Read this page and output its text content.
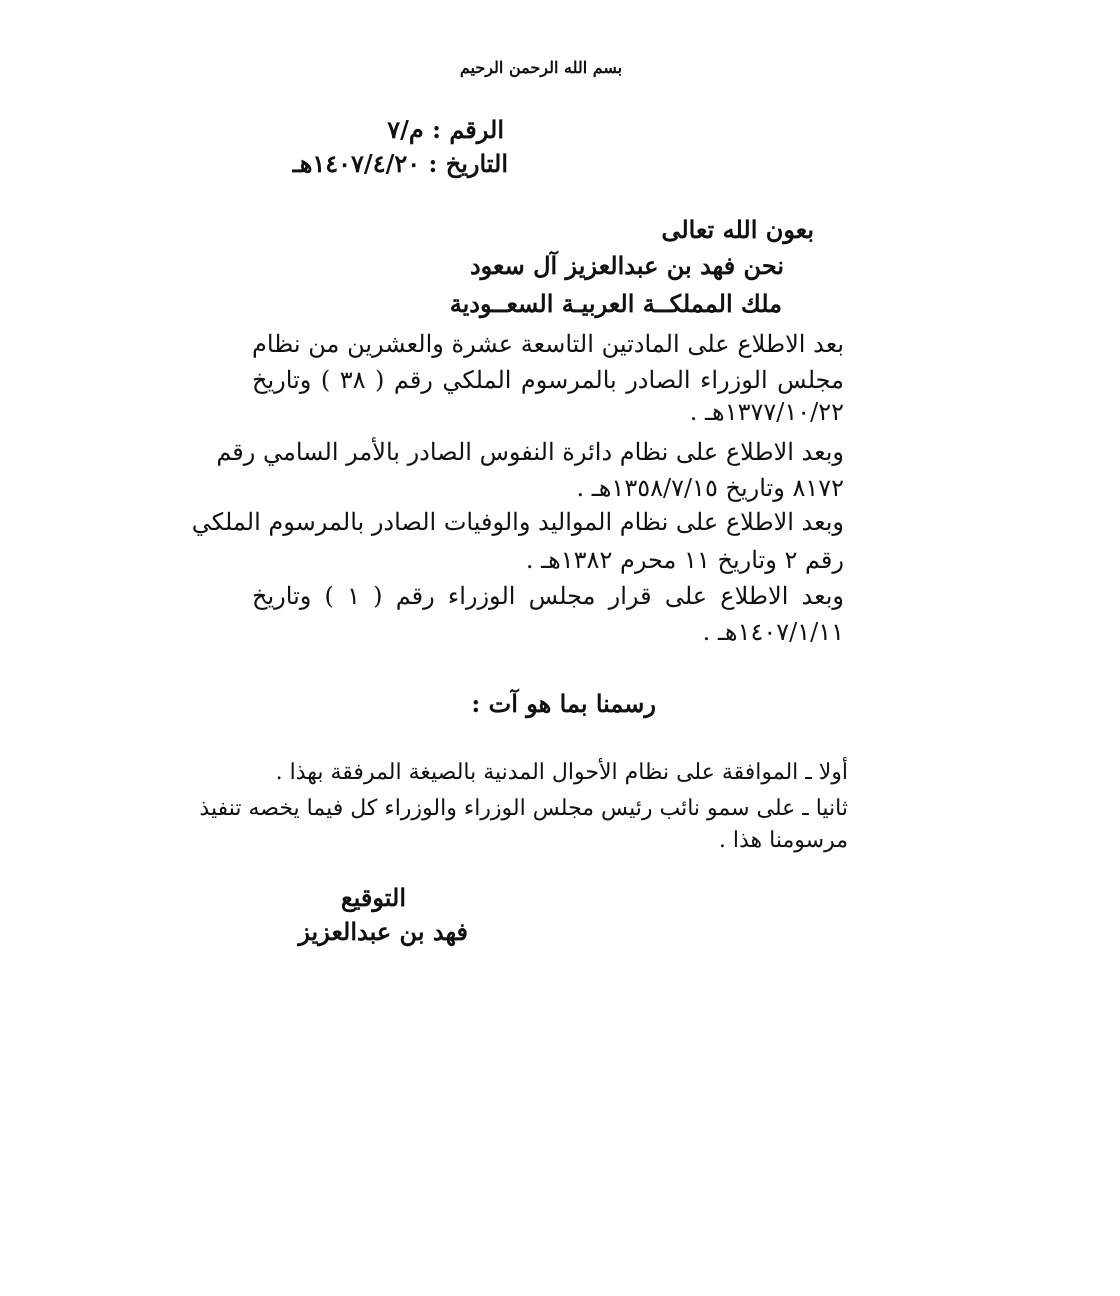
بسم الله الرحمن الرحيم
الرقم : م/٧
التاريخ : ١٤٠٧/٤/٢٠هـ
بعون الله تعالى
نحن فهد بن عبدالعزيز آل سعود
ملك المملكــة العربيـة السعــودية
بعد الاطلاع على المادتين التاسعة عشرة والعشرين من نظام
مجلس الوزراء الصادر بالمرسوم الملكي رقم ( ٣٨ ) وتاريخ
١٣٧٧/١٠/٢٢هـ .
وبعد الاطلاع على نظام دائرة النفوس الصادر بالأمر السامي رقم
٨١٧٢ وتاريخ ١٣٥٨/٧/١٥هـ .
وبعد الاطلاع على نظام المواليد والوفيات الصادر بالمرسوم الملكي
رقم ٢ وتاريخ ١١ محرم ١٣٨٢هـ .
وبعد الاطلاع على قرار مجلس الوزراء رقم ( ١ ) وتاريخ
١٤٠٧/١/١١هـ .
رسمنا بما هو آت :
أولا ـ الموافقة على نظام الأحوال المدنية بالصيغة المرفقة بهذا .
ثانيا ـ على سمو نائب رئيس مجلس الوزراء والوزراء كل فيما يخصه تنفيذ
مرسومنا هذا .
التوقيع
فهد بن عبدالعزيز
